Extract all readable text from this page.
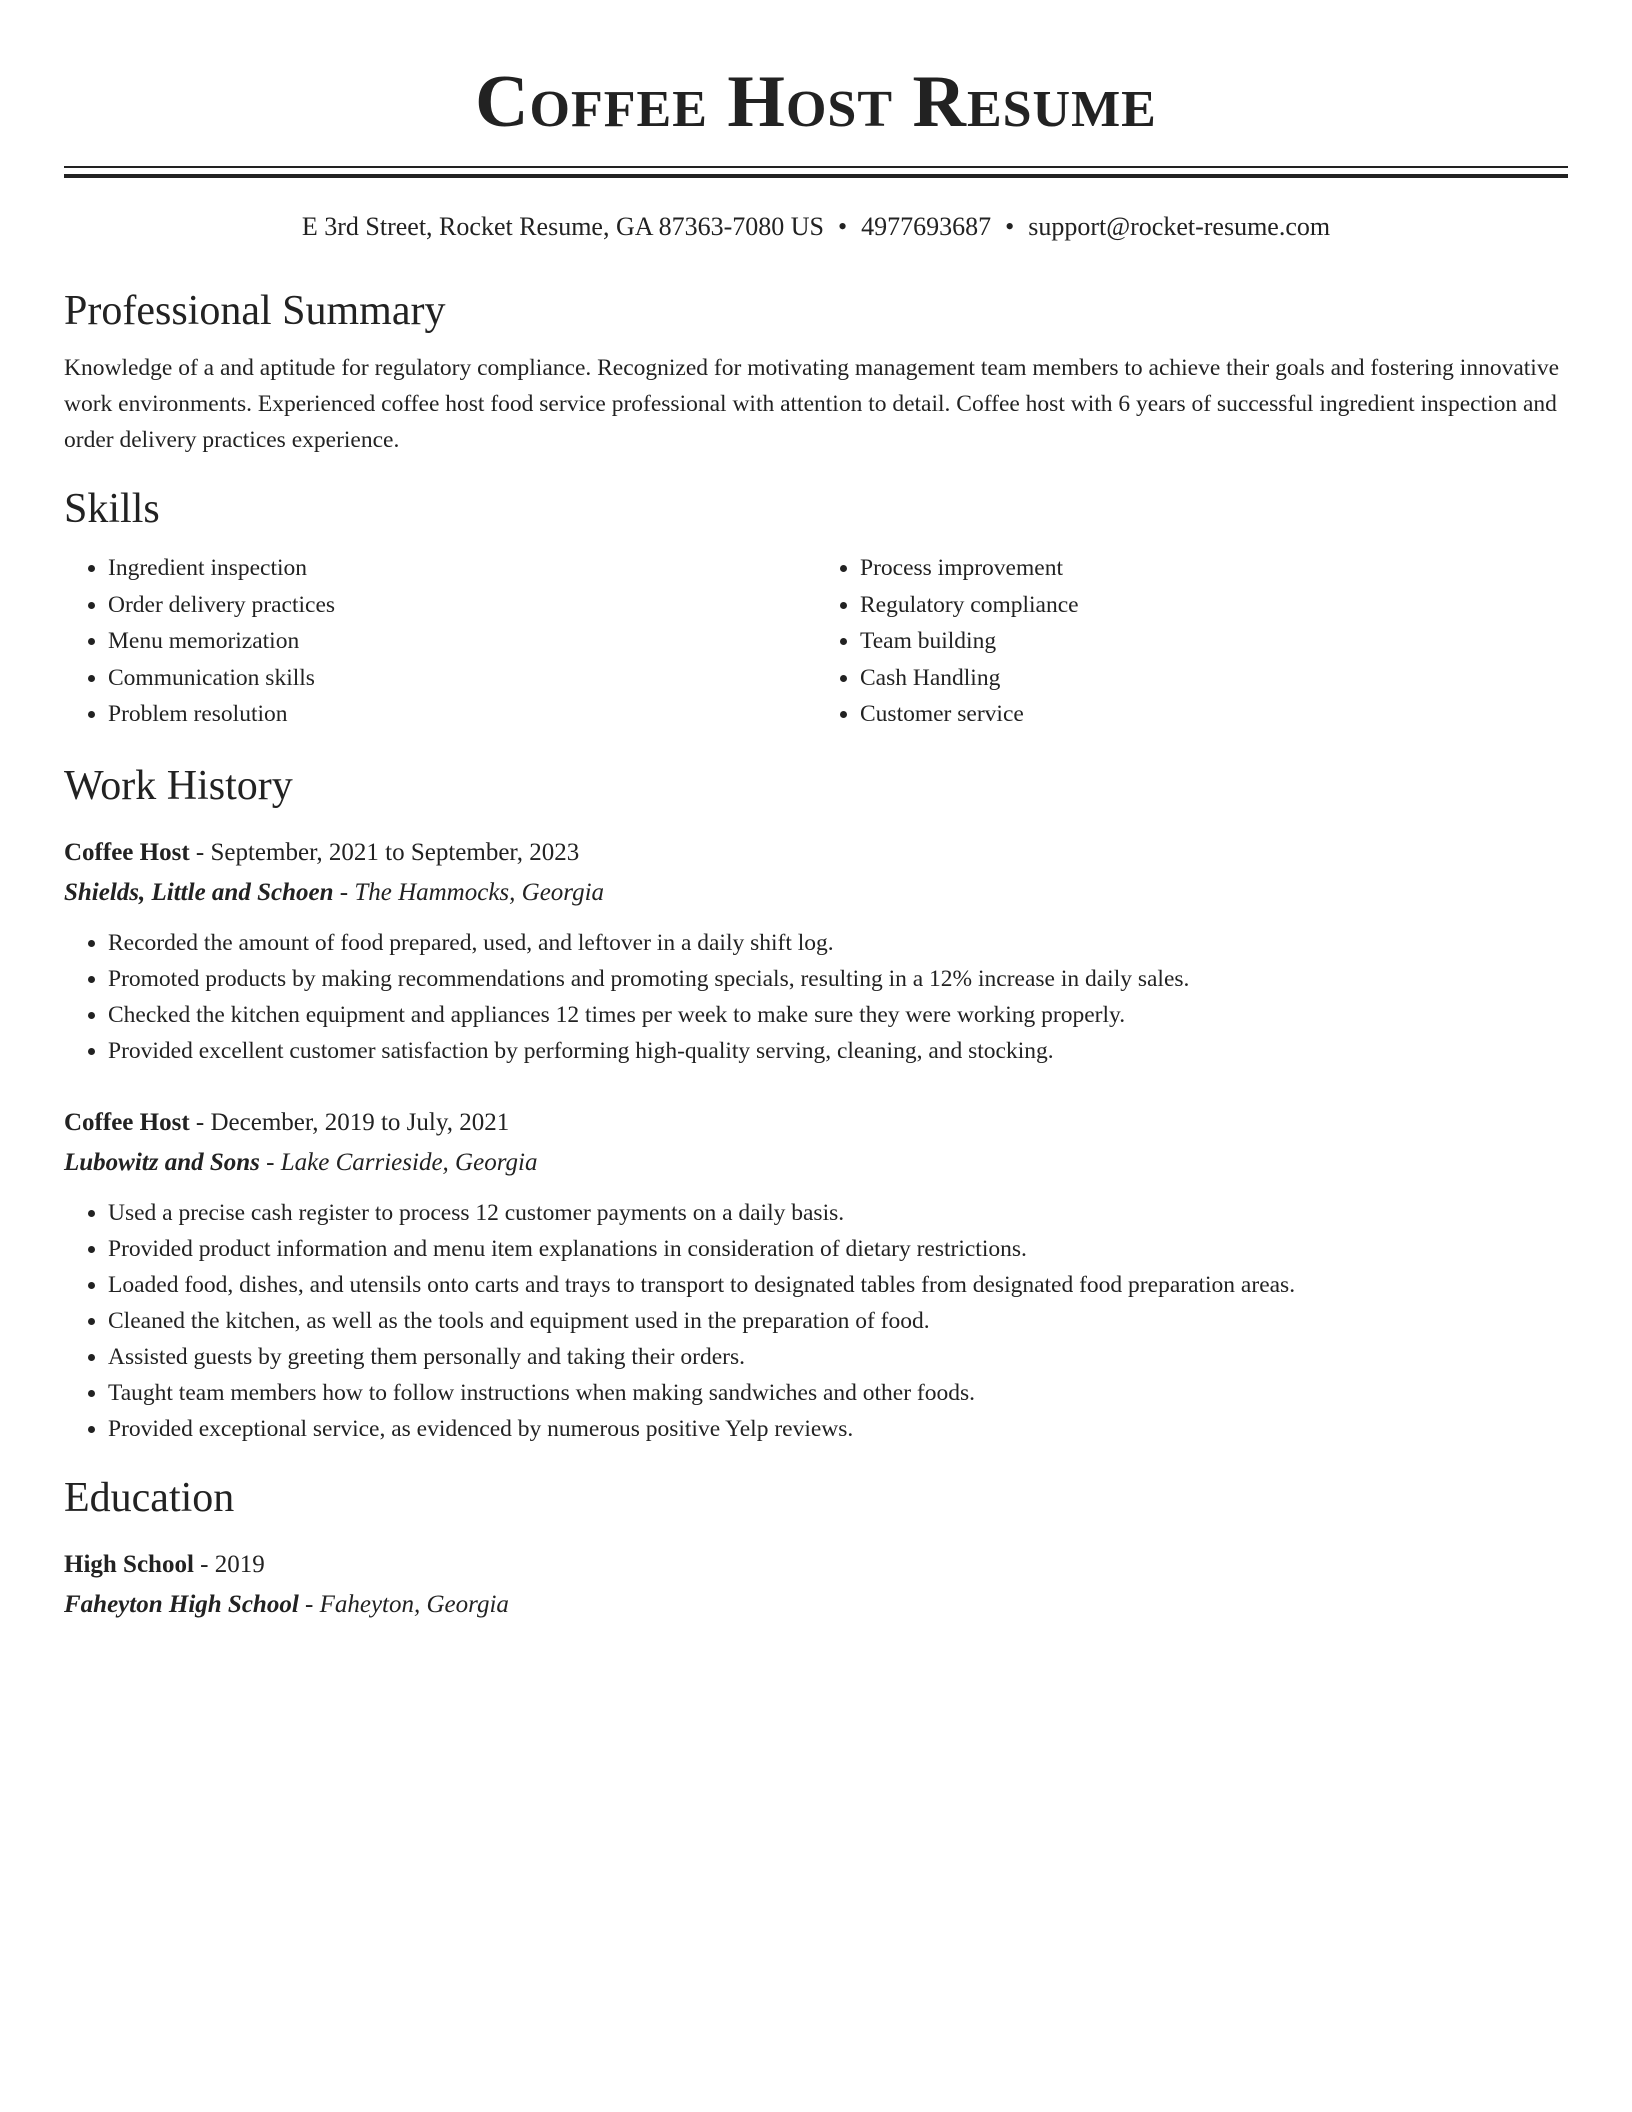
Coffee Host Resume
E 3rd Street, Rocket Resume, GA 87363-7080 US • 4977693687 • support@rocket-resume.com
Professional Summary

Knowledge of a and aptitude for regulatory compliance. Recognized for motivating management team members to achieve their goals and fostering innovative work environments. Experienced coffee host food service professional with attention to detail. Coffee host with 6 years of successful ingredient inspection and order delivery practices experience.

Skills
• Ingredient inspection
• Order delivery practices
• Menu memorization
• Communication skills
• Problem resolution
• Process improvement
• Regulatory compliance
• Team building
• Cash Handling
• Customer service
Work History
Coffee Host - September, 2021 to September, 2023
Shields, Little and Schoen - The Hammocks, Georgia
• Recorded the amount of food prepared, used, and leftover in a daily shift log.
• Promoted products by making recommendations and promoting specials, resulting in a 12% increase in daily sales.
• Checked the kitchen equipment and appliances 12 times per week to make sure they were working properly.
• Provided excellent customer satisfaction by performing high-quality serving, cleaning, and stocking.
Coffee Host - December, 2019 to July, 2021
Lubowitz and Sons - Lake Carrieside, Georgia
• Used a precise cash register to process 12 customer payments on a daily basis.
• Provided product information and menu item explanations in consideration of dietary restrictions.
• Loaded food, dishes, and utensils onto carts and trays to transport to designated tables from designated food preparation areas.
• Cleaned the kitchen, as well as the tools and equipment used in the preparation of food.
• Assisted guests by greeting them personally and taking their orders.
• Taught team members how to follow instructions when making sandwiches and other foods.
• Provided exceptional service, as evidenced by numerous positive Yelp reviews.
Education
High School - 2019
Faheyton High School - Faheyton, Georgia
